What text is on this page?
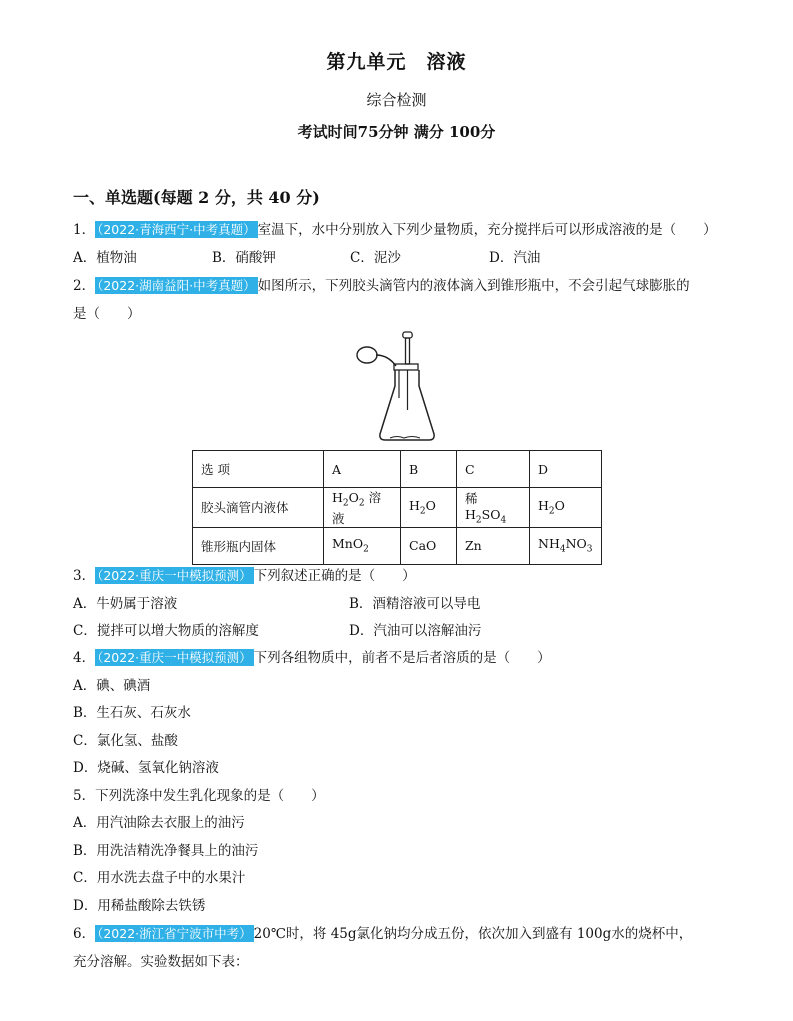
第九单元　溶液
综合检测
考试时间75分钟 满分 100分
一、单选题(每题 2 分，共 40 分)
1． （2022·青海西宁·中考真题） 室温下，水中分别放入下列少量物质，充分搅拌后可以形成溶液的是（　　）
A．植物油	B．硝酸钾	C．泥沙	D．汽油
2． （2022·湖南益阳·中考真题） 如图所示，下列胶头滴管内的液体滴入到锥形瓶中，不会引起气球膨胀的
是（　　）
选 项	A	B	C	D
胶头滴管内液体	$H_2O_2$ 溶液	$H_2O$	稀 $H_2SO_4$	$H_2O$
锥形瓶内固体	MnO$_2$	CaO	Zn	$NH_4NO_3$
3． （2022·重庆一中模拟预测） 下列叙述正确的是（　　）
A．牛奶属于溶液	B．酒精溶液可以导电
C．搅拌可以增大物质的溶解度	D．汽油可以溶解油污
4． （2022·重庆一中模拟预测） 下列各组物质中，前者不是后者溶质的是（　　）
A．碘、碘酒
B．生石灰、石灰水
C．氯化氢、盐酸
D．烧碱、氢氧化钠溶液
5．下列洗涤中发生乳化现象的是（　　）
A．用汽油除去衣服上的油污
B．用洗洁精洗净餐具上的油污
C．用水洗去盘子中的水果汁
D．用稀盐酸除去铁锈
6． （2022·浙江省宁波市中考） 20℃时，将 45g氯化钠均分成五份，依次加入到盛有 100g水的烧杯中，
充分溶解。实验数据如下表：
